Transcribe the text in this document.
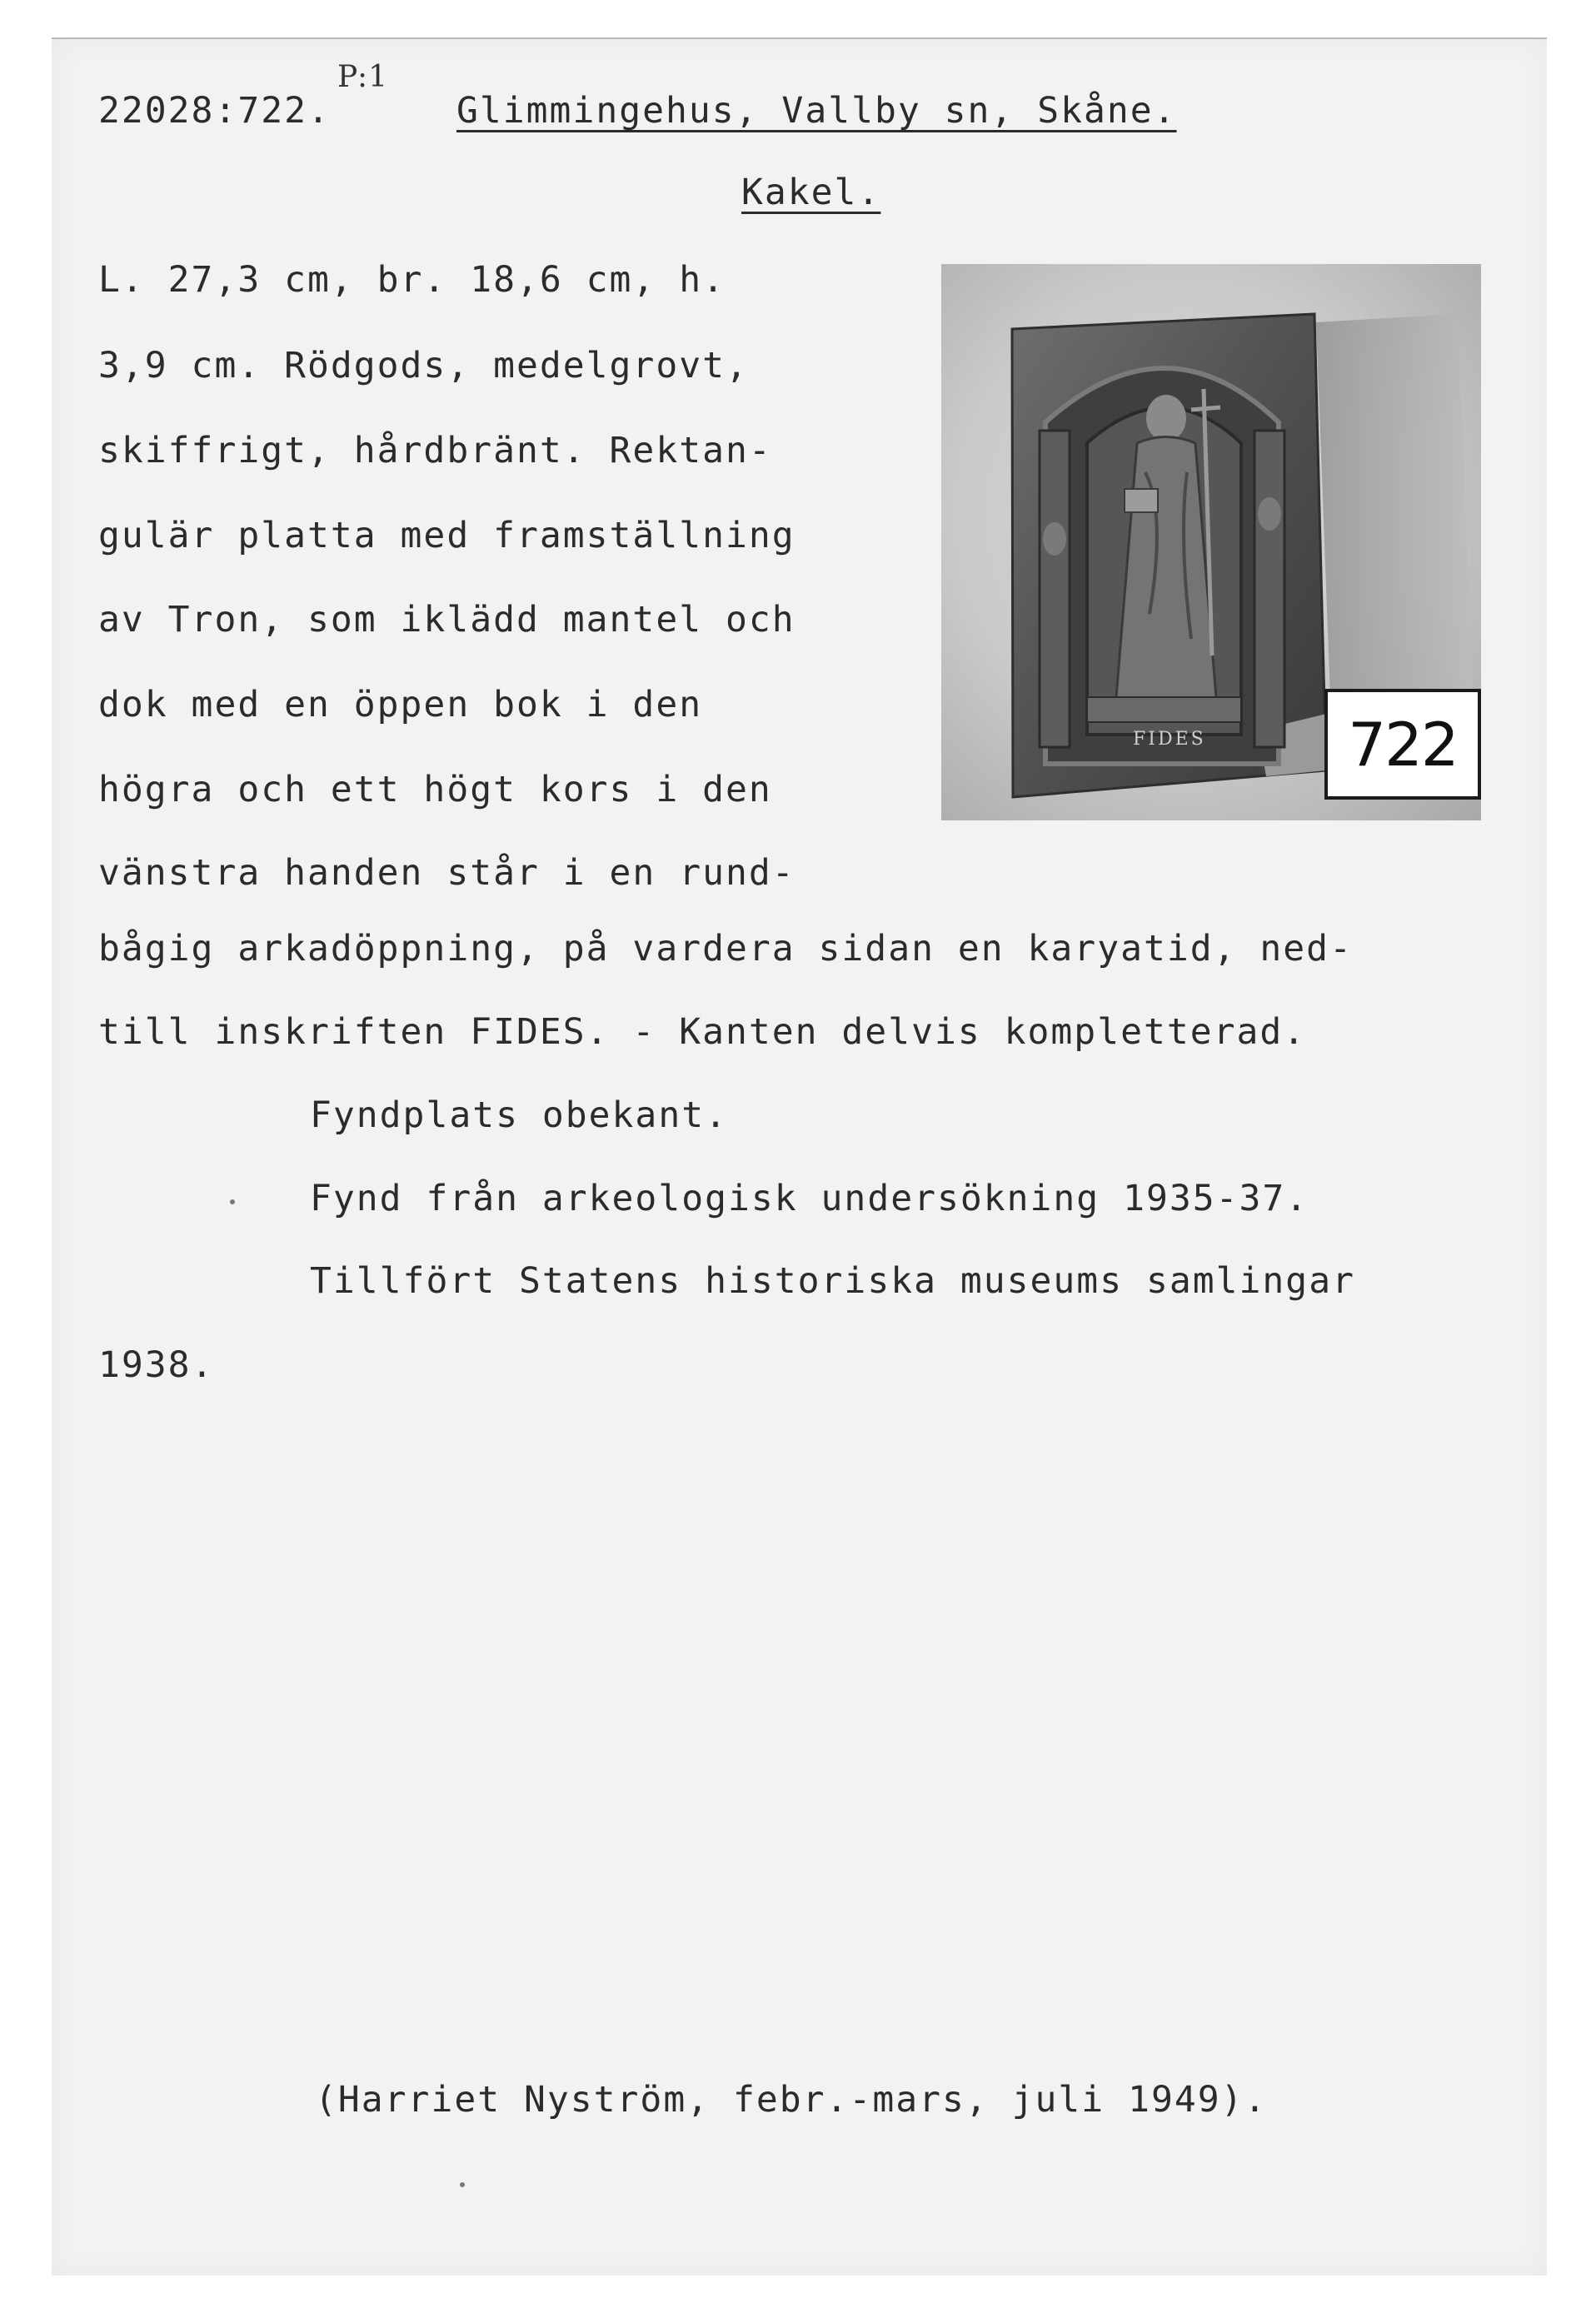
22028:722.
P:1
Glimmingehus, Vallby sn, Skåne.
Kakel.
L. 27,3 cm, br. 18,6 cm, h.
3,9 cm. Rödgods, medelgrovt,
skiffrigt, hårdbränt. Rektan-
gulär platta med framställning
av Tron, som iklädd mantel och
dok med en öppen bok i den
högra och ett högt kors i den
vänstra handen står i en rund-
bågig arkadöppning, på vardera sidan en karyatid, ned-
till inskriften FIDES. - Kanten delvis kompletterad.
Fyndplats obekant.
Fynd från arkeologisk undersökning 1935-37.
Tillfört Statens historiska museums samlingar
1938.
(Harriet Nyström, febr.-mars, juli 1949).
FIDES	722
